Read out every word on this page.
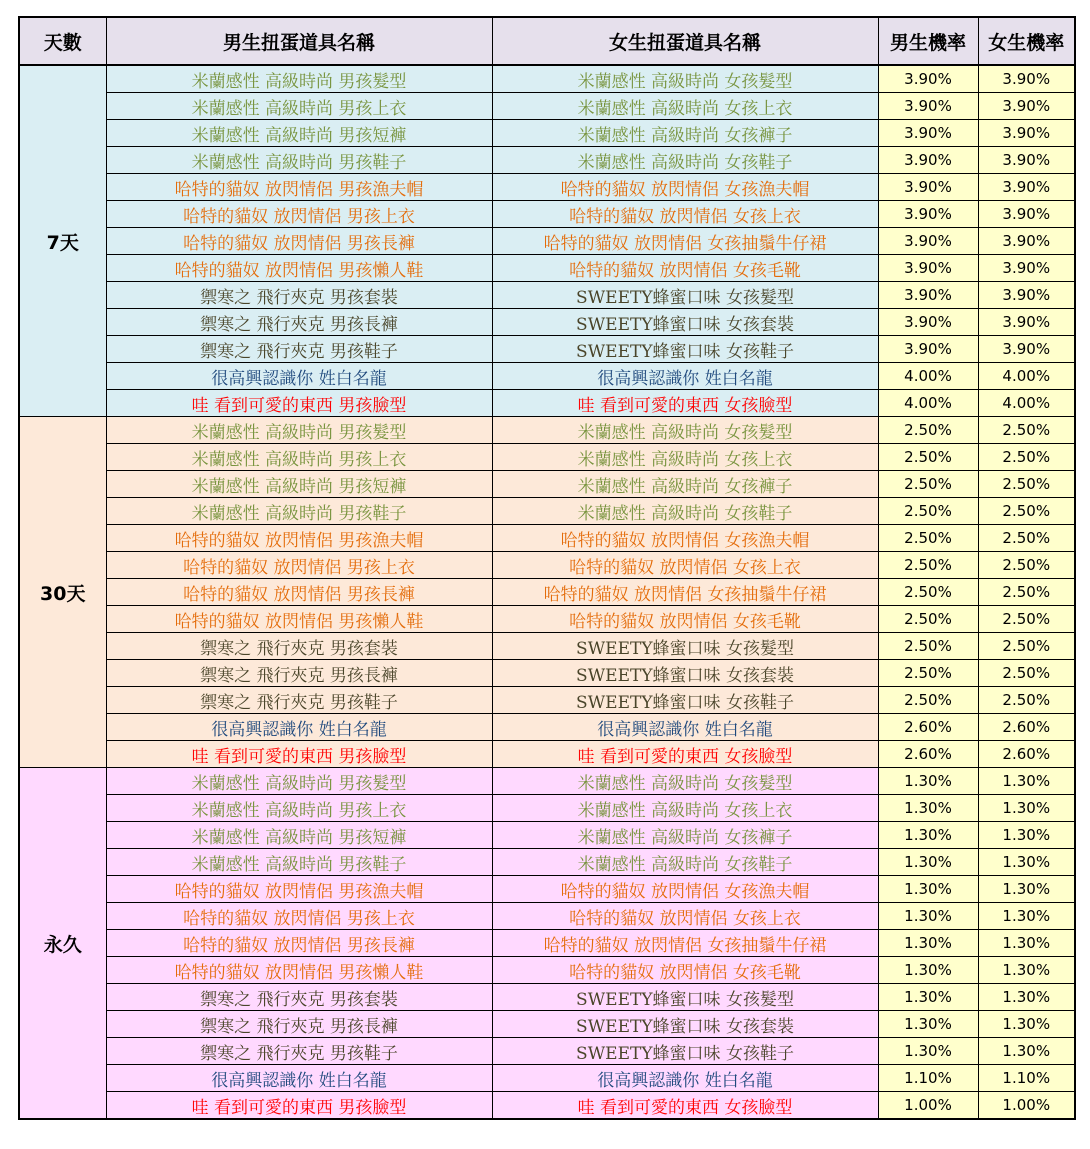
天數	男生扭蛋道具名稱	女生扭蛋道具名稱	男生機率	女生機率
7天	米蘭感性 高級時尚 男孩髮型	米蘭感性 高級時尚 女孩髮型	3.90%	3.90%
	米蘭感性 高級時尚 男孩上衣	米蘭感性 高級時尚 女孩上衣	3.90%	3.90%
	米蘭感性 高級時尚 男孩短褲	米蘭感性 高級時尚 女孩褲子	3.90%	3.90%
	米蘭感性 高級時尚 男孩鞋子	米蘭感性 高級時尚 女孩鞋子	3.90%	3.90%
	哈特的貓奴 放閃情侶 男孩漁夫帽	哈特的貓奴 放閃情侶 女孩漁夫帽	3.90%	3.90%
	哈特的貓奴 放閃情侶 男孩上衣	哈特的貓奴 放閃情侶 女孩上衣	3.90%	3.90%
	哈特的貓奴 放閃情侶 男孩長褲	哈特的貓奴 放閃情侶 女孩抽鬚牛仔裙	3.90%	3.90%
	哈特的貓奴 放閃情侶 男孩懶人鞋	哈特的貓奴 放閃情侶 女孩毛靴	3.90%	3.90%
	禦寒之 飛行夾克 男孩套裝	SWEETY蜂蜜口味 女孩髮型	3.90%	3.90%
	禦寒之 飛行夾克 男孩長褲	SWEETY蜂蜜口味 女孩套裝	3.90%	3.90%
	禦寒之 飛行夾克 男孩鞋子	SWEETY蜂蜜口味 女孩鞋子	3.90%	3.90%
	很高興認識你 姓白名龍	很高興認識你 姓白名龍	4.00%	4.00%
	哇 看到可愛的東西 男孩臉型	哇 看到可愛的東西 女孩臉型	4.00%	4.00%
30天	米蘭感性 高級時尚 男孩髮型	米蘭感性 高級時尚 女孩髮型	2.50%	2.50%
	米蘭感性 高級時尚 男孩上衣	米蘭感性 高級時尚 女孩上衣	2.50%	2.50%
	米蘭感性 高級時尚 男孩短褲	米蘭感性 高級時尚 女孩褲子	2.50%	2.50%
	米蘭感性 高級時尚 男孩鞋子	米蘭感性 高級時尚 女孩鞋子	2.50%	2.50%
	哈特的貓奴 放閃情侶 男孩漁夫帽	哈特的貓奴 放閃情侶 女孩漁夫帽	2.50%	2.50%
	哈特的貓奴 放閃情侶 男孩上衣	哈特的貓奴 放閃情侶 女孩上衣	2.50%	2.50%
	哈特的貓奴 放閃情侶 男孩長褲	哈特的貓奴 放閃情侶 女孩抽鬚牛仔裙	2.50%	2.50%
	哈特的貓奴 放閃情侶 男孩懶人鞋	哈特的貓奴 放閃情侶 女孩毛靴	2.50%	2.50%
	禦寒之 飛行夾克 男孩套裝	SWEETY蜂蜜口味 女孩髮型	2.50%	2.50%
	禦寒之 飛行夾克 男孩長褲	SWEETY蜂蜜口味 女孩套裝	2.50%	2.50%
	禦寒之 飛行夾克 男孩鞋子	SWEETY蜂蜜口味 女孩鞋子	2.50%	2.50%
	很高興認識你 姓白名龍	很高興認識你 姓白名龍	2.60%	2.60%
	哇 看到可愛的東西 男孩臉型	哇 看到可愛的東西 女孩臉型	2.60%	2.60%
永久	米蘭感性 高級時尚 男孩髮型	米蘭感性 高級時尚 女孩髮型	1.30%	1.30%
	米蘭感性 高級時尚 男孩上衣	米蘭感性 高級時尚 女孩上衣	1.30%	1.30%
	米蘭感性 高級時尚 男孩短褲	米蘭感性 高級時尚 女孩褲子	1.30%	1.30%
	米蘭感性 高級時尚 男孩鞋子	米蘭感性 高級時尚 女孩鞋子	1.30%	1.30%
	哈特的貓奴 放閃情侶 男孩漁夫帽	哈特的貓奴 放閃情侶 女孩漁夫帽	1.30%	1.30%
	哈特的貓奴 放閃情侶 男孩上衣	哈特的貓奴 放閃情侶 女孩上衣	1.30%	1.30%
	哈特的貓奴 放閃情侶 男孩長褲	哈特的貓奴 放閃情侶 女孩抽鬚牛仔裙	1.30%	1.30%
	哈特的貓奴 放閃情侶 男孩懶人鞋	哈特的貓奴 放閃情侶 女孩毛靴	1.30%	1.30%
	禦寒之 飛行夾克 男孩套裝	SWEETY蜂蜜口味 女孩髮型	1.30%	1.30%
	禦寒之 飛行夾克 男孩長褲	SWEETY蜂蜜口味 女孩套裝	1.30%	1.30%
	禦寒之 飛行夾克 男孩鞋子	SWEETY蜂蜜口味 女孩鞋子	1.30%	1.30%
	很高興認識你 姓白名龍	很高興認識你 姓白名龍	1.10%	1.10%
	哇 看到可愛的東西 男孩臉型	哇 看到可愛的東西 女孩臉型	1.00%	1.00%
